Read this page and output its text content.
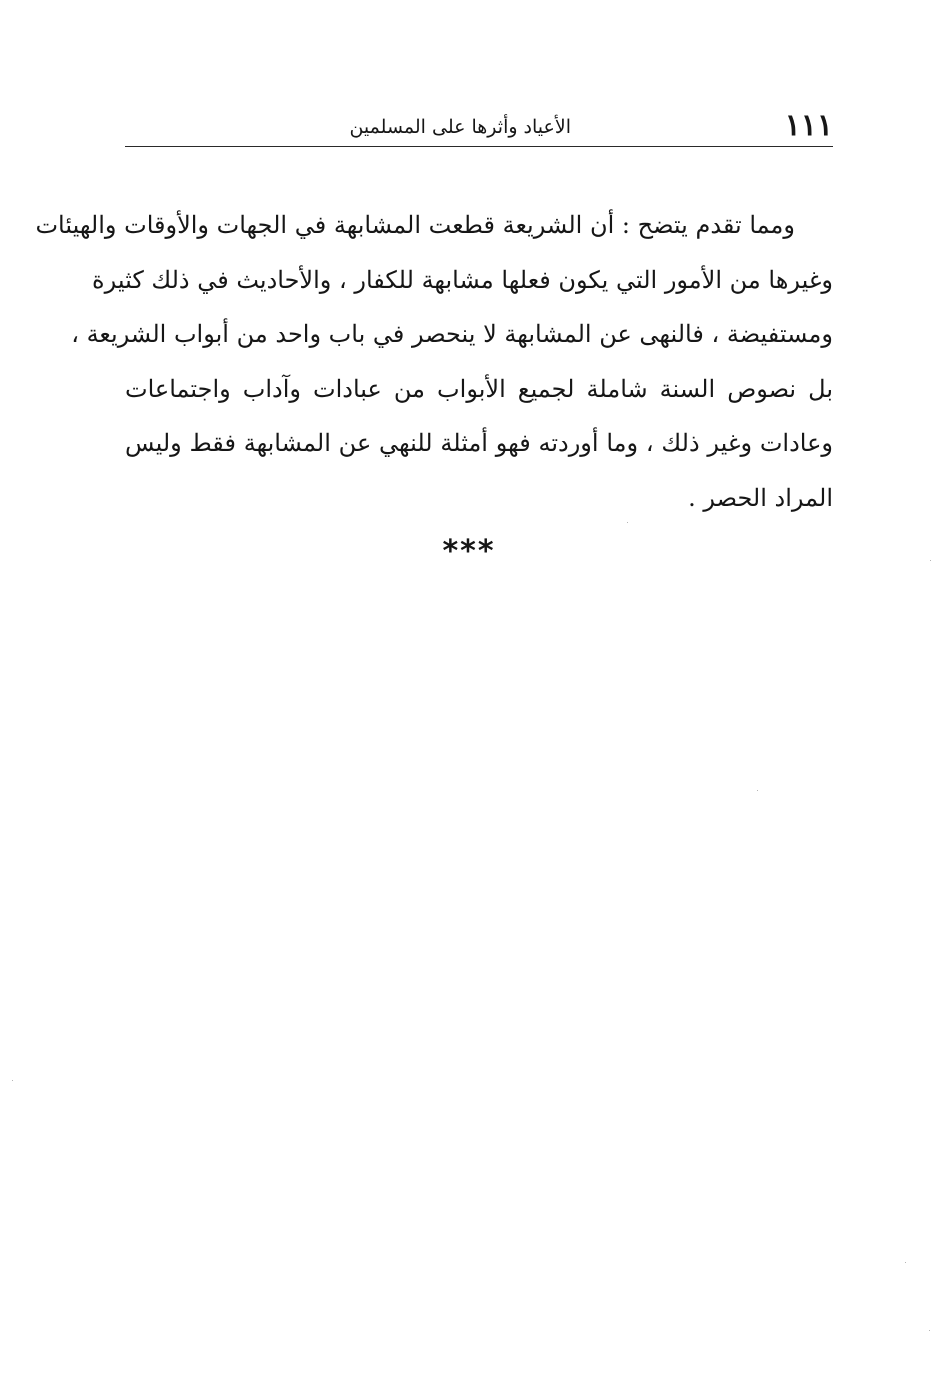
١١١
الأعياد وأثرها على المسلمين
ومما تقدم يتضح : أن الشريعة قطعت المشابهة في الجهات والأوقات والهيئات
وغيرها من الأمور التي يكون فعلها مشابهة للكفار ، والأحاديث في ذلك كثيرة
ومستفيضة ، فالنهى عن المشابهة لا ينحصر في باب واحد من أبواب الشريعة ،
بل نصوص السنة شاملة لجميع الأبواب من عبادات وآداب واجتماعات
وعادات وغير ذلك ، وما أوردته فهو أمثلة للنهي عن المشابهة فقط وليس
المراد الحصر .
***
